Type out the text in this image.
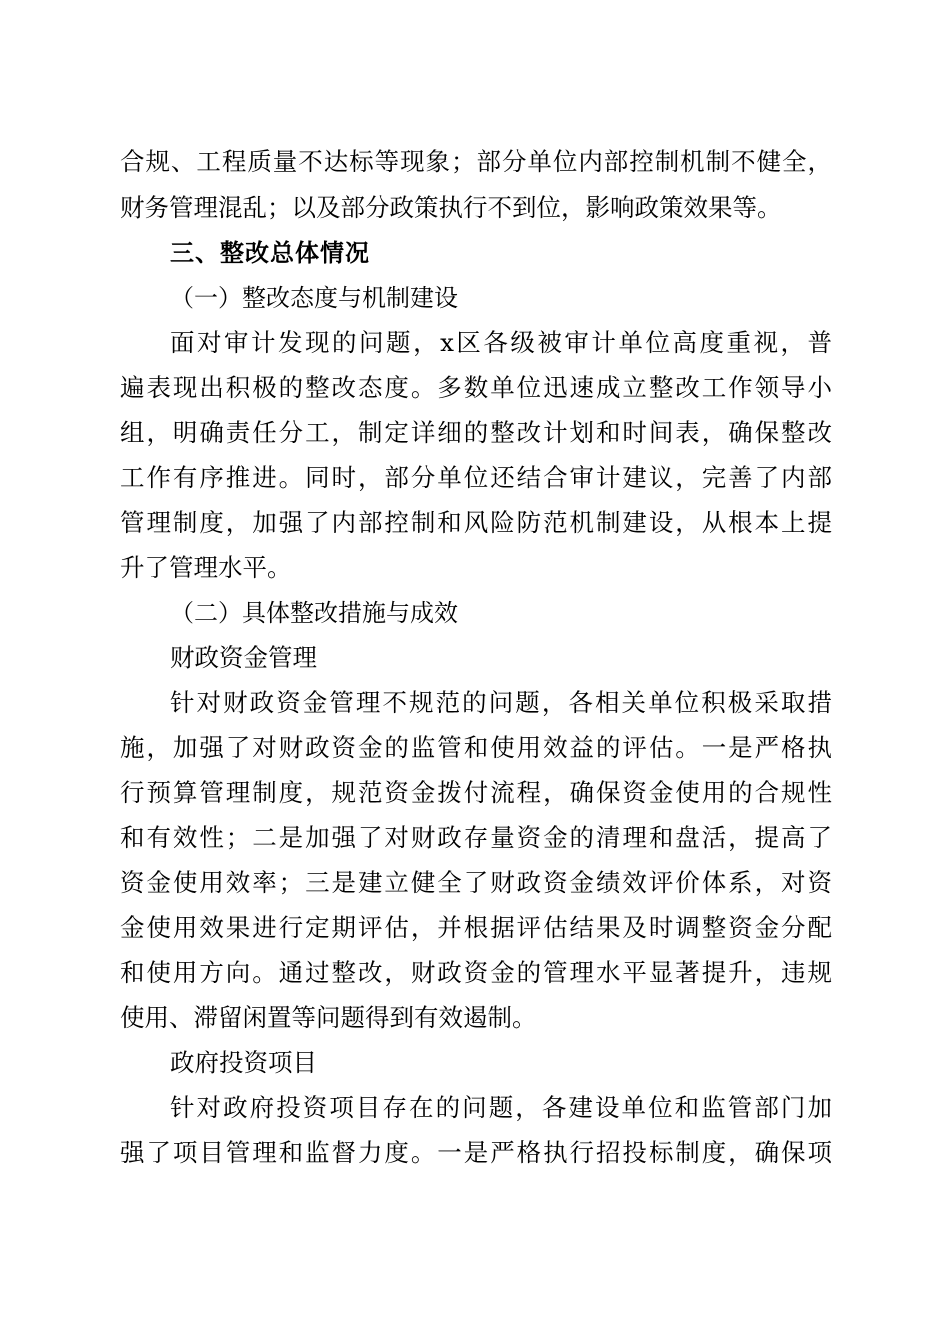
合规、工程质量不达标等现象；部分单位内部控制机制不健全，
财务管理混乱；以及部分政策执行不到位，影响政策效果等。
三、整改总体情况
（一）整改态度与机制建设
面对审计发现的问题，x区各级被审计单位高度重视，普
遍表现出积极的整改态度。多数单位迅速成立整改工作领导小
组，明确责任分工，制定详细的整改计划和时间表，确保整改
工作有序推进。同时，部分单位还结合审计建议，完善了内部
管理制度，加强了内部控制和风险防范机制建设，从根本上提
升了管理水平。
（二）具体整改措施与成效
财政资金管理
针对财政资金管理不规范的问题，各相关单位积极采取措
施，加强了对财政资金的监管和使用效益的评估。一是严格执
行预算管理制度，规范资金拨付流程，确保资金使用的合规性
和有效性；二是加强了对财政存量资金的清理和盘活，提高了
资金使用效率；三是建立健全了财政资金绩效评价体系，对资
金使用效果进行定期评估，并根据评估结果及时调整资金分配
和使用方向。通过整改，财政资金的管理水平显著提升，违规
使用、滞留闲置等问题得到有效遏制。
政府投资项目
针对政府投资项目存在的问题，各建设单位和监管部门加
强了项目管理和监督力度。一是严格执行招投标制度，确保项
